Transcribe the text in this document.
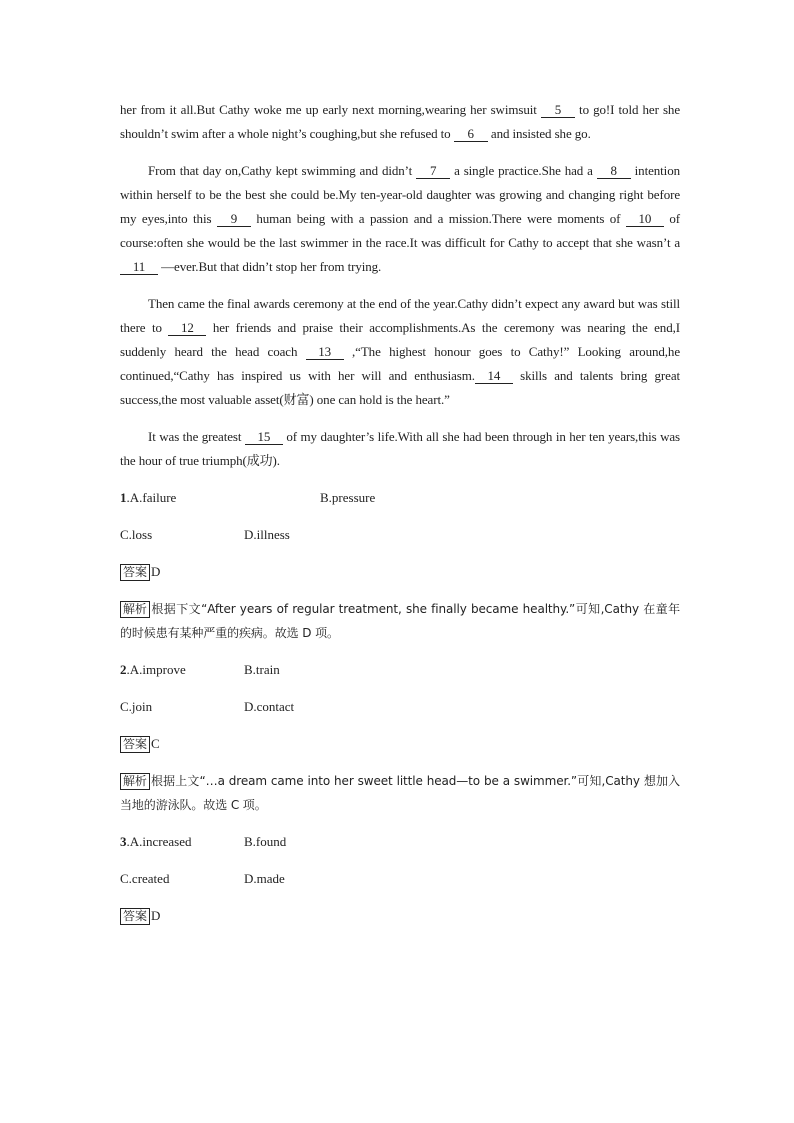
her from it all.But Cathy woke me up early next morning,wearing her swimsuit 5 to go!I told her she shouldn’t swim after a whole night’s coughing,but she refused to 6 and insisted she go.

From that day on,Cathy kept swimming and didn’t 7 a single practice.She had a 8 intention within herself to be the best she could be.My ten-year-old daughter was growing and changing right before my eyes,into this 9 human being with a passion and a mission.There were moments of 10 of course:often she would be the last swimmer in the race.It was difficult for Cathy to accept that she wasn’t a 11 —ever.But that didn’t stop her from trying.

Then came the final awards ceremony at the end of the year.Cathy didn’t expect any award but was still there to 12 her friends and praise their accomplishments.As the ceremony was nearing the end,I suddenly heard the head coach 13 ,“The highest honour goes to Cathy!” Looking around,he continued,“Cathy has inspired us with her will and enthusiasm. 14 skills and talents bring great success,the most valuable asset(财富) one can hold is the heart.”

It was the greatest 15 of my daughter’s life.With all she had been through in her ten years,this was the hour of true triumph(成功).

1.A.failure	B.pressure
C.loss	D.illness
答案 D

解析 根据下文“After years of regular treatment, she finally became healthy.”可知,Cathy 在童年的时候患有某种严重的疾病。故选 D 项。

2.A.improve	B.train
C.join	D.contact
答案 C

解析 根据上文“…a dream came into her sweet little head—to be a swimmer.”可知,Cathy 想加入当地的游泳队。故选 C 项。

3.A.increased	B.found
C.created	D.made
答案 D
